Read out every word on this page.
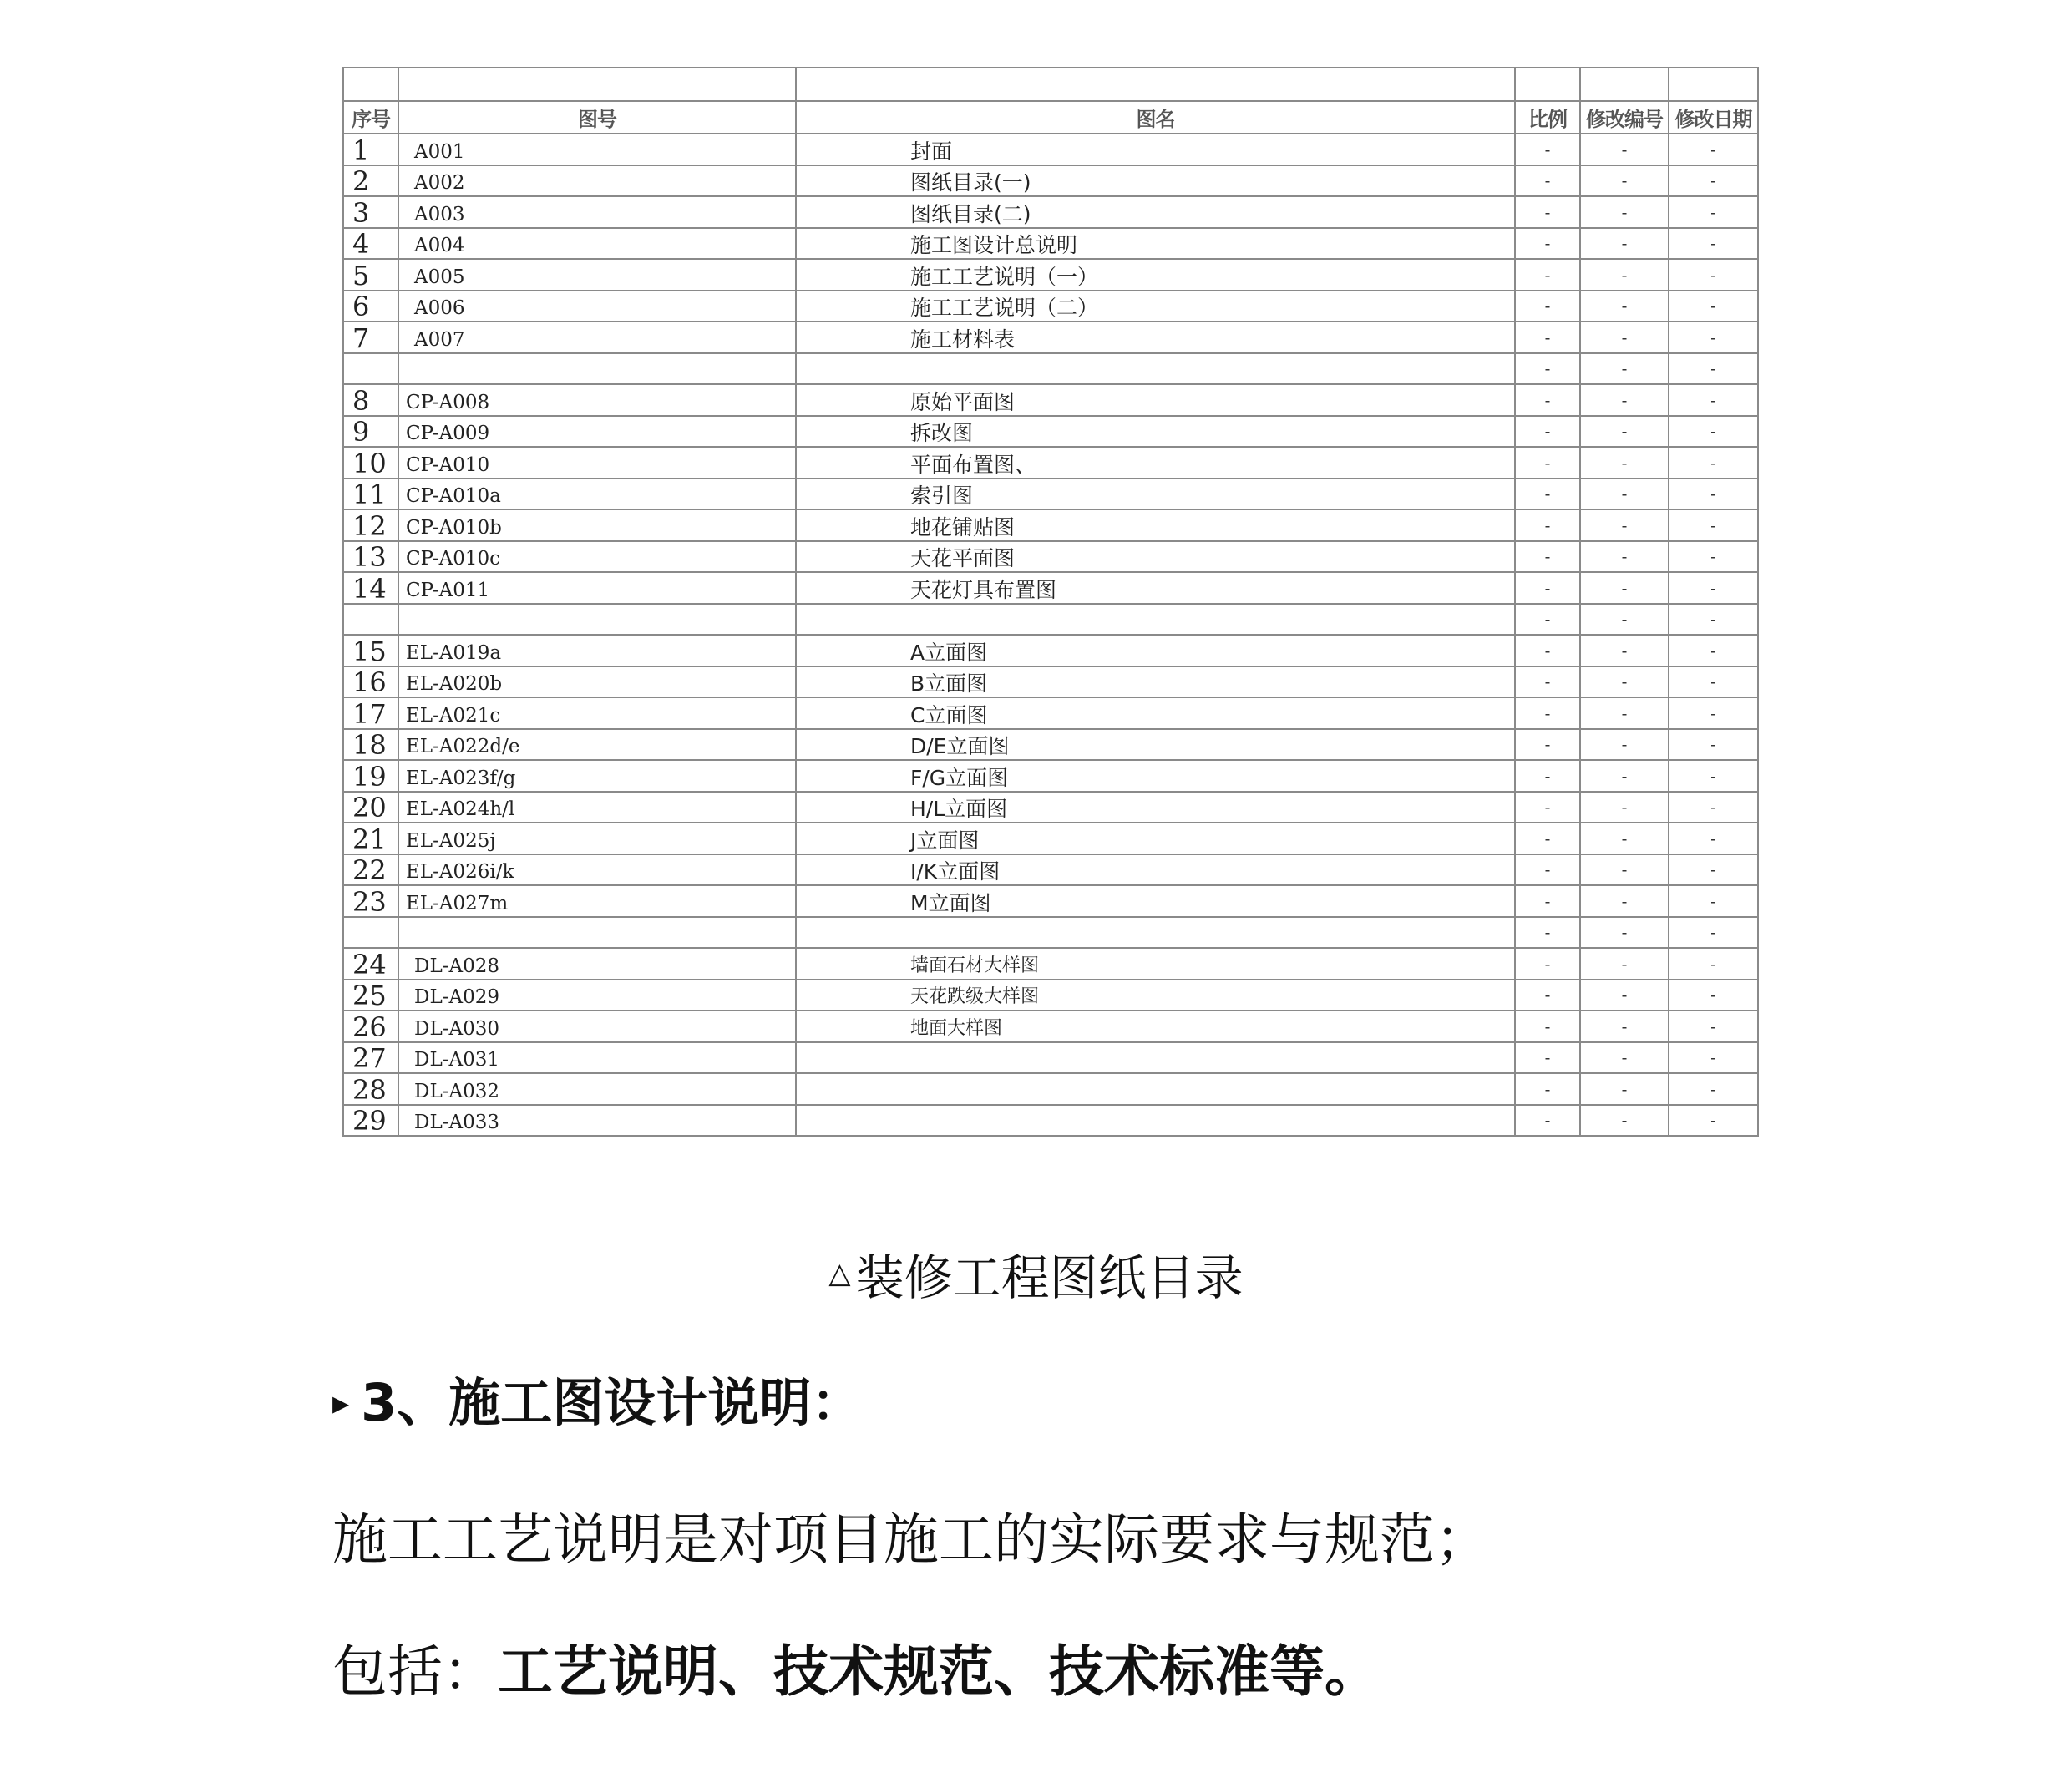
序号	图号	图名	比例	修改编号	修改日期
1	A001	封面	-	-	-
2	A002	图纸目录(一)	-	-	-
3	A003	图纸目录(二)	-	-	-
4	A004	施工图设计总说明	-	-	-
5	A005	施工工艺说明（一）	-	-	-
6	A006	施工工艺说明（二）	-	-	-
7	A007	施工材料表	-	-	-
			-	-	-
8	CP-A008	原始平面图	-	-	-
9	CP-A009	拆改图	-	-	-
10	CP-A010	平面布置图、	-	-	-
11	CP-A010a	索引图	-	-	-
12	CP-A010b	地花铺贴图	-	-	-
13	CP-A010c	天花平面图	-	-	-
14	CP-A011	天花灯具布置图	-	-	-
			-	-	-
15	EL-A019a	A立面图	-	-	-
16	EL-A020b	B立面图	-	-	-
17	EL-A021c	C立面图	-	-	-
18	EL-A022d/e	D/E立面图	-	-	-
19	EL-A023f/g	F/G立面图	-	-	-
20	EL-A024h/l	H/L立面图	-	-	-
21	EL-A025j	J立面图	-	-	-
22	EL-A026i/k	I/K立面图	-	-	-
23	EL-A027m	M立面图	-	-	-
			-	-	-
24	DL-A028	墙面石材大样图	-	-	-
25	DL-A029	天花跌级大样图	-	-	-
26	DL-A030	地面大样图	-	-	-
27	DL-A031		-	-	-
28	DL-A032		-	-	-
29	DL-A033		-	-	-
△ 装修工程图纸目录
▸ 3、施工图设计说明：
施工工艺说明是对项目施工的实际要求与规范；
包括：工艺说明、技术规范、技术标准等。
